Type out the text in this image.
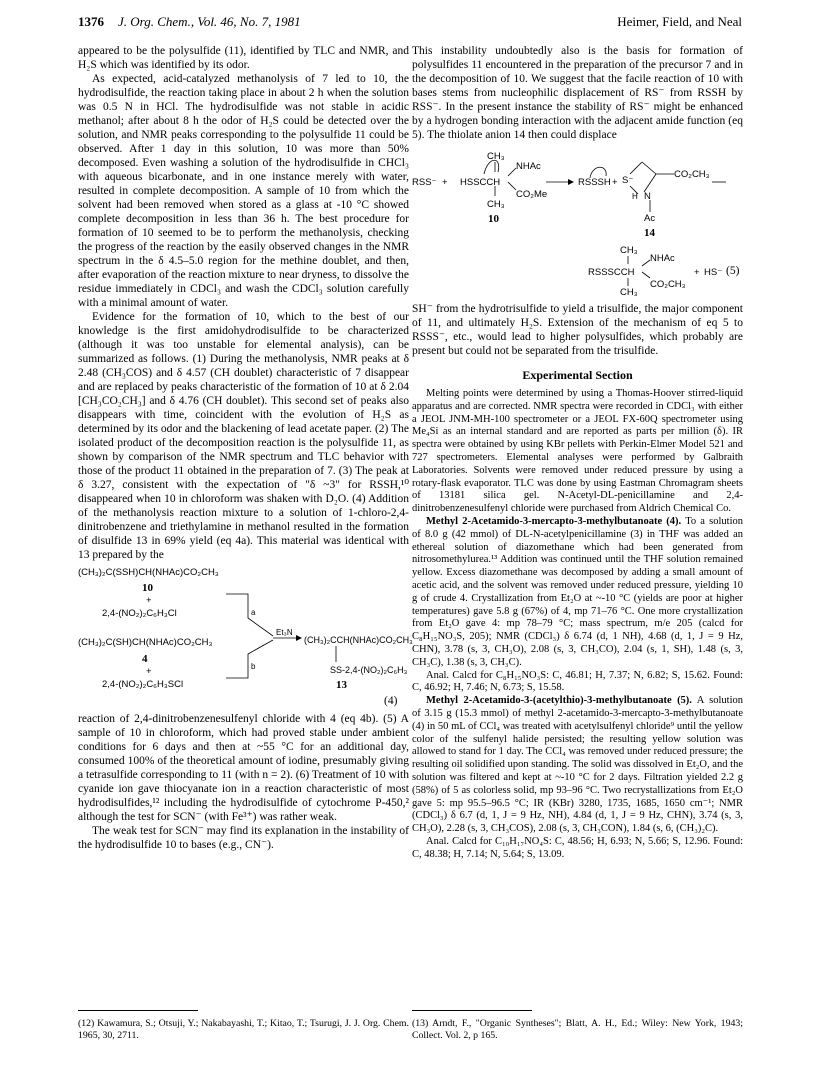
1376 J. Org. Chem., Vol. 46, No. 7, 1981	Heimer, Field, and Neal

appeared to be the polysulfide (11), identified by TLC and NMR, and H₂S which was identified by its odor.

As expected, acid-catalyzed methanolysis of 7 led to 10, the hydrodisulfide, the reaction taking place in about 2 h when the solution was 0.5 N in HCl. The hydrodisulfide was not stable in acidic methanol; after about 8 h the odor of H₂S could be detected over the solution, and NMR peaks corresponding to the polysulfide 11 could be observed. After 1 day in this solution, 10 was more than 50% decomposed. Even washing a solution of the hydrodisulfide in CHCl₃ with aqueous bicarbonate, and in one instance merely with water, resulted in complete decomposition. A sample of 10 from which the solvent had been removed when stored as a glass at -10 °C showed complete decomposition in less than 36 h. The best procedure for formation of 10 seemed to be to perform the methanolysis, checking the progress of the reaction by the easily observed changes in the NMR spectrum in the δ 4.5–5.0 region for the methine doublet, and then, after evaporation of the reaction mixture to near dryness, to dissolve the residue immediately in CDCl₃ and wash the CDCl₃ solution carefully with a minimal amount of water.

Evidence for the formation of 10, which to the best of our knowledge is the first amidohydrodisulfide to be characterized (although it was too unstable for elemental analysis), can be summarized as follows. (1) During the methanolysis, NMR peaks at δ 2.48 (CH₃COS) and δ 4.57 (CH doublet) characteristic of 7 disappear and are replaced by peaks characteristic of the formation of 10 at δ 2.04 [CH₃CO₂CH₃] and δ 4.76 (CH doublet). This second set of peaks also disappears with time, coincident with the evolution of H₂S as determined by its odor and the blackening of lead acetate paper. (2) The isolated product of the decomposition reaction is the polysulfide 11, as shown by comparison of the NMR spectrum and TLC behavior with those of the product 11 obtained in the preparation of 7. (3) The peak at δ 3.27, consistent with the expectation of "δ ~3" for RSSH,¹⁰ disappeared when 10 in chloroform was shaken with D₂O. (4) Addition of the methanolysis reaction mixture to a solution of 1-chloro-2,4-dinitrobenzene and triethylamine in methanol resulted in the formation of disulfide 13 in 69% yield (eq 4a). This material was identical with 13 prepared by the

(CH₃)₂C(SSH)CH(NHAc)CO₂CH₃
10
+
2,4-(NO₂)₂C₆H₃Cl
(CH₃)₂C(SH)CH(NHAc)CO₂CH₃
4
+
2,4-(NO₂)₂C₆H₃SCl
a
b
Et₃N
(CH₃)₂CCH(NHAc)CO₂CH₃
SS-2,4-(NO₂)₂C₆H₃
13
(4)

reaction of 2,4-dinitrobenzenesulfenyl chloride with 4 (eq 4b). (5) A sample of 10 in chloroform, which had proved stable under ambient conditions for 6 days and then at ~55 °C for an additional day, consumed 100% of the theoretical amount of iodine, presumably giving a tetrasulfide corresponding to 11 (with n = 2). (6) Treatment of 10 with cyanide ion gave thiocyanate ion in a reaction characteristic of most hydrodisulfides,¹² including the hydrodisulfide of cytochrome P-450,² although the test for SCN⁻ (with Fe³⁺) was rather weak.

The weak test for SCN⁻ may find its explanation in the instability of the hydrodisulfide 10 to bases (e.g., CN⁻).

This instability undoubtedly also is the basis for formation of polysulfides 11 encountered in the preparation of the precursor 7 and in the decomposition of 10. We suggest that the facile reaction of 10 with bases stems from nucleophilic displacement of RS⁻ from RSSH by RSS⁻. In the present instance the stability of RS⁻ might be enhanced by a hydrogen bonding interaction with the adjacent amide function (eq 5). The thiolate anion 14 then could displace

RSS⁻ +
CH₃
HSSCCH
NHAc
CO₂Me
CH₃
10
RSSSH + S⁻
CO₂CH₃
H N
Ac
14
CH₃
RSSSCCH
NHAc
CO₂CH₃
CH₃
+ HS⁻ (5)

SH⁻ from the hydrotrisulfide to yield a trisulfide, the major component of 11, and ultimately H₂S. Extension of the mechanism of eq 5 to RSSS⁻, etc., would lead to higher polysulfides, which probably are present but could not be separated from the trisulfide.

Experimental Section

Melting points were determined by using a Thomas-Hoover stirred-liquid apparatus and are corrected. NMR spectra were recorded in CDCl₃ with either a JEOL JNM-MH-100 spectrometer or a JEOL FX-60Q spectrometer using Me₄Si as an internal standard and are reported as parts per million (δ). IR spectra were obtained by using KBr pellets with Perkin-Elmer Model 521 and 727 spectrometers. Elemental analyses were performed by Galbraith Laboratories. Solvents were removed under reduced pressure by using a rotary-flask evaporator. TLC was done by using Eastman Chromagram sheets of 13181 silica gel. N-Acetyl-DL-penicillamine and 2,4-dinitrobenzenesulfenyl chloride were purchased from Aldrich Chemical Co.

Methyl 2-Acetamido-3-mercapto-3-methylbutanoate (4). To a solution of 8.0 g (42 mmol) of DL-N-acetylpenicillamine (3) in THF was added an ethereal solution of diazomethane which had been generated from nitrosomethylurea.¹³ Addition was continued until the THF solution remained yellow. Excess diazomethane was decomposed by adding a small amount of acetic acid, and the solvent was removed under reduced pressure, yielding 10 g of crude 4. Crystallization from Et₂O at ~-10 °C (yields are poor at higher temperatures) gave 5.8 g (67%) of 4, mp 71–76 °C. One more crystallization from Et₂O gave 4: mp 78–79 °C; mass spectrum, m/e 205 (calcd for C₈H₁₅NO₃S, 205); NMR (CDCl₃) δ 6.74 (d, 1 NH), 4.68 (d, 1, J = 9 Hz, CHN), 3.78 (s, 3, CH₃O), 2.08 (s, 3, CH₃CO), 2.04 (s, 1, SH), 1.48 (s, 3, CH₃C), 1.38 (s, 3, CH₃C).

Anal. Calcd for C₈H₁₅NO₃S: C, 46.81; H, 7.37; N, 6.82; S, 15.62. Found: C, 46.92; H, 7.46; N, 6.73; S, 15.58.

Methyl 2-Acetamido-3-(acetylthio)-3-methylbutanoate (5). A solution of 3.15 g (15.3 mmol) of methyl 2-acetamido-3-mercapto-3-methylbutanoate (4) in 50 mL of CCl₄ was treated with acetylsulfenyl chloride⁹ until the yellow color of the sulfenyl halide persisted; the resulting yellow solution was allowed to stand for 1 day. The CCl₄ was removed under reduced pressure; the resulting oil solidified upon standing. The solid was dissolved in Et₂O, and the solution was filtered and kept at ~-10 °C for 2 days. Filtration yielded 2.2 g (58%) of 5 as colorless solid, mp 93–96 °C. Two recrystallizations from Et₂O gave 5: mp 95.5–96.5 °C; IR (KBr) 3280, 1735, 1685, 1650 cm⁻¹; NMR (CDCl₃) δ 6.7 (d, 1, J = 9 Hz, NH), 4.84 (d, 1, J = 9 Hz, CHN), 3.74 (s, 3, CH₃O), 2.28 (s, 3, CH₃COS), 2.08 (s, 3, CH₃CON), 1.84 (s, 6, (CH₃)₂C).

Anal. Calcd for C₁₀H₁₇NO₄S: C, 48.56; H, 6.93; N, 5.66; S, 12.96. Found: C, 48.38; H, 7.14; N, 5.64; S, 13.09.

(12) Kawamura, S.; Otsuji, Y.; Nakabayashi, T.; Kitao, T.; Tsurugi, J. J. Org. Chem. 1965, 30, 2711.
(13) Arndt, F., "Organic Syntheses"; Blatt, A. H., Ed.; Wiley: New York, 1943; Collect. Vol. 2, p 165.
